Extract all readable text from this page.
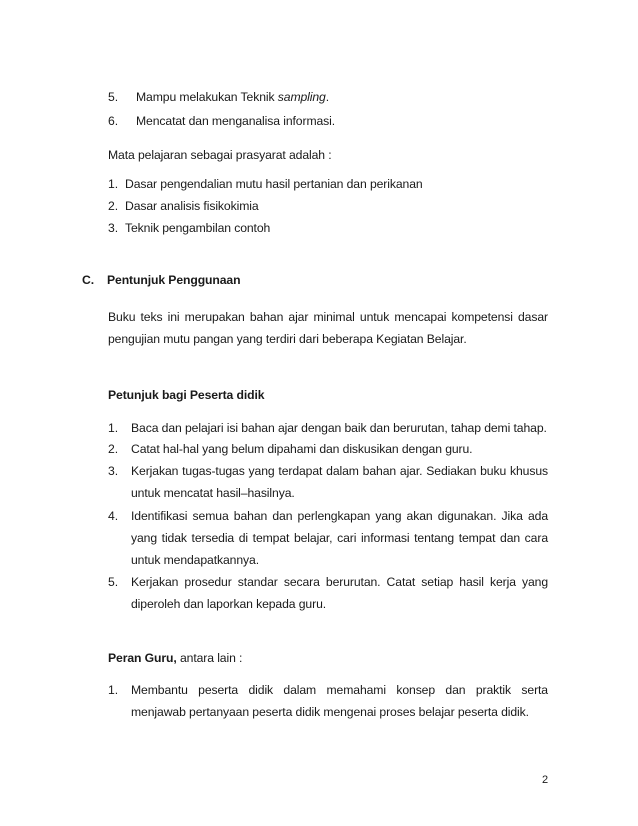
5. Mampu melakukan Teknik sampling.
6. Mencatat dan menganalisa informasi.
Mata pelajaran sebagai prasyarat adalah :
1. Dasar pengendalian mutu hasil pertanian dan perikanan
2. Dasar analisis fisikokimia
3. Teknik pengambilan contoh
C. Pentunjuk Penggunaan
Buku teks ini merupakan bahan ajar minimal untuk mencapai kompetensi dasar
pengujian mutu pangan yang terdiri dari beberapa Kegiatan Belajar.
Petunjuk bagi Peserta didik
1. Baca dan pelajari isi bahan ajar dengan baik dan berurutan, tahap demi tahap.
2. Catat hal-hal yang belum dipahami dan diskusikan dengan guru.
3. Kerjakan tugas-tugas yang terdapat dalam bahan ajar. Sediakan buku khusus
untuk mencatat hasil–hasilnya.
4. Identifikasi semua bahan dan perlengkapan yang akan digunakan. Jika ada
yang tidak tersedia di tempat belajar, cari informasi tentang tempat dan cara
untuk mendapatkannya.
5. Kerjakan prosedur standar secara berurutan. Catat setiap hasil kerja yang
diperoleh dan laporkan kepada guru.
Peran Guru, antara lain :
1. Membantu peserta didik dalam memahami konsep dan praktik serta
menjawab pertanyaan peserta didik mengenai proses belajar peserta didik.
2
